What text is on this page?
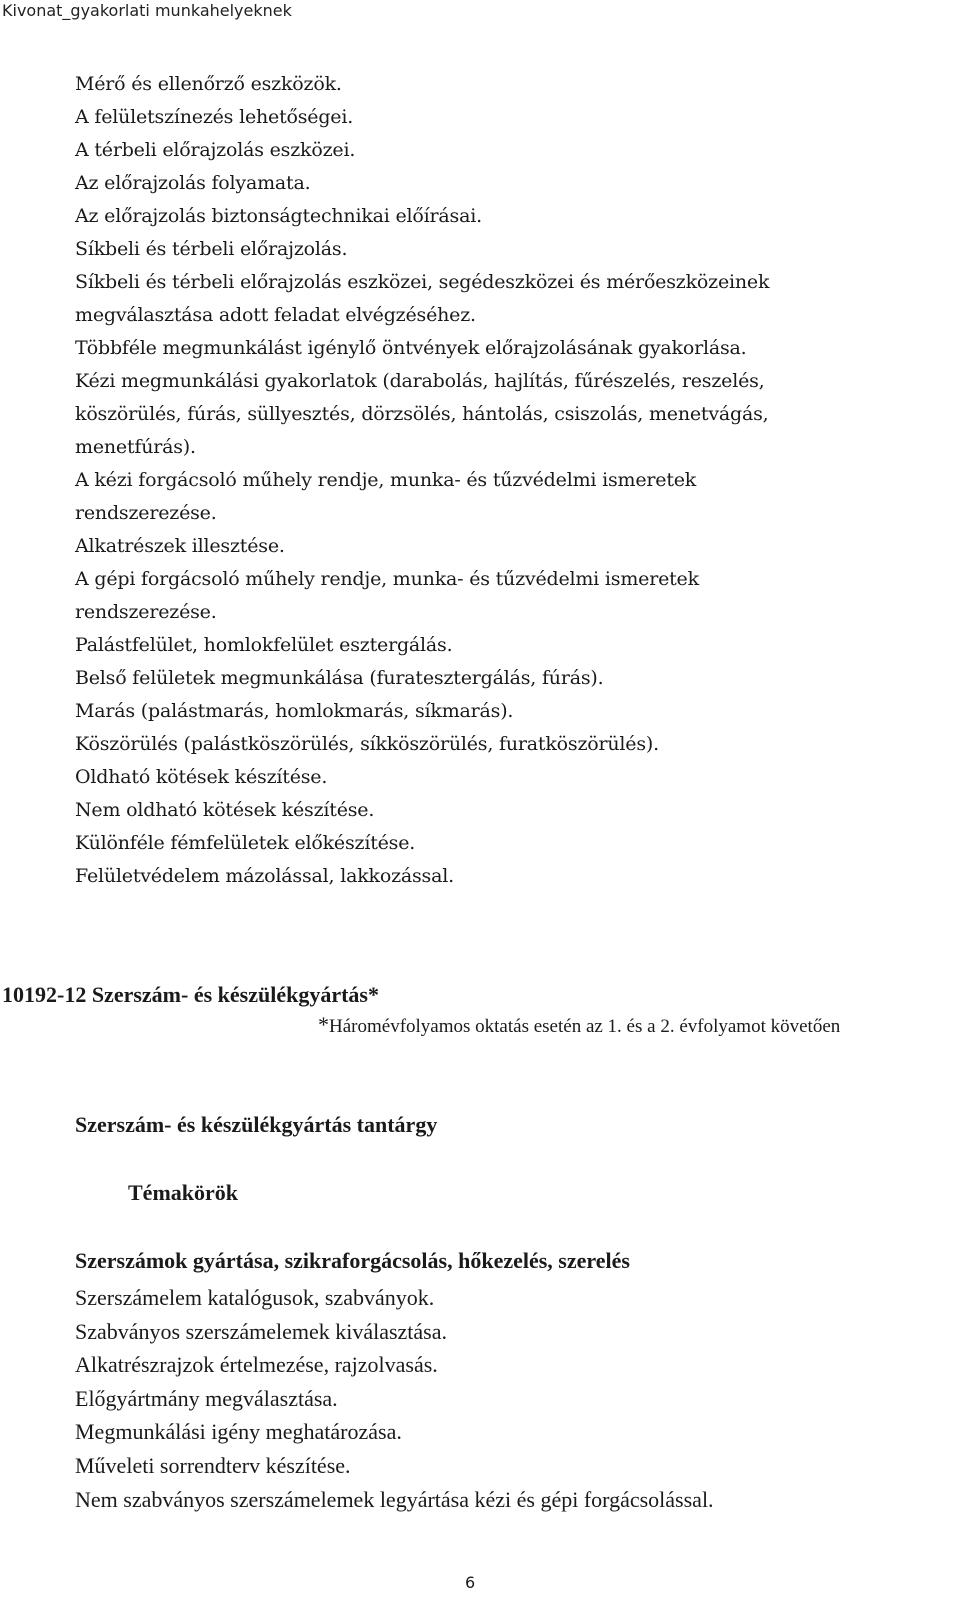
Kivonat_gyakorlati munkahelyeknek
Mérő és ellenőrző eszközök.
A felületszínezés lehetőségei.
A térbeli előrajzolás eszközei.
Az előrajzolás folyamata.
Az előrajzolás biztonságtechnikai előírásai.
Síkbeli és térbeli előrajzolás.
Síkbeli és térbeli előrajzolás eszközei, segédeszközei és mérőeszközeinek
megválasztása adott feladat elvégzéséhez.
Többféle megmunkálást igénylő öntvények előrajzolásának gyakorlása.
Kézi megmunkálási gyakorlatok (darabolás, hajlítás, fűrészelés, reszelés,
köszörülés, fúrás, süllyesztés, dörzsölés, hántolás, csiszolás, menetvágás,
menetfúrás).
A kézi forgácsoló műhely rendje, munka- és tűzvédelmi ismeretek
rendszerezése.
Alkatrészek illesztése.
A gépi forgácsoló műhely rendje, munka- és tűzvédelmi ismeretek
rendszerezése.
Palástfelület, homlokfelület esztergálás.
Belső felületek megmunkálása (furatesztergálás, fúrás).
Marás (palástmarás, homlokmarás, síkmarás).
Köszörülés (palástköszörülés, síkköszörülés, furatköszörülés).
Oldható kötések készítése.
Nem oldható kötések készítése.
Különféle fémfelületek előkészítése.
Felületvédelem mázolással, lakkozással.
10192-12 Szerszám- és készülékgyártás*
*Háromévfolyamos oktatás esetén az 1. és a 2. évfolyamot követően
Szerszám- és készülékgyártás tantárgy
Témakörök
Szerszámok gyártása, szikraforgácsolás, hőkezelés, szerelés
Szerszámelem katalógusok, szabványok.
Szabványos szerszámelemek kiválasztása.
Alkatrészrajzok értelmezése, rajzolvasás.
Előgyártmány megválasztása.
Megmunkálási igény meghatározása.
Műveleti sorrendterv készítése.
Nem szabványos szerszámelemek legyártása kézi és gépi forgácsolással.
6
